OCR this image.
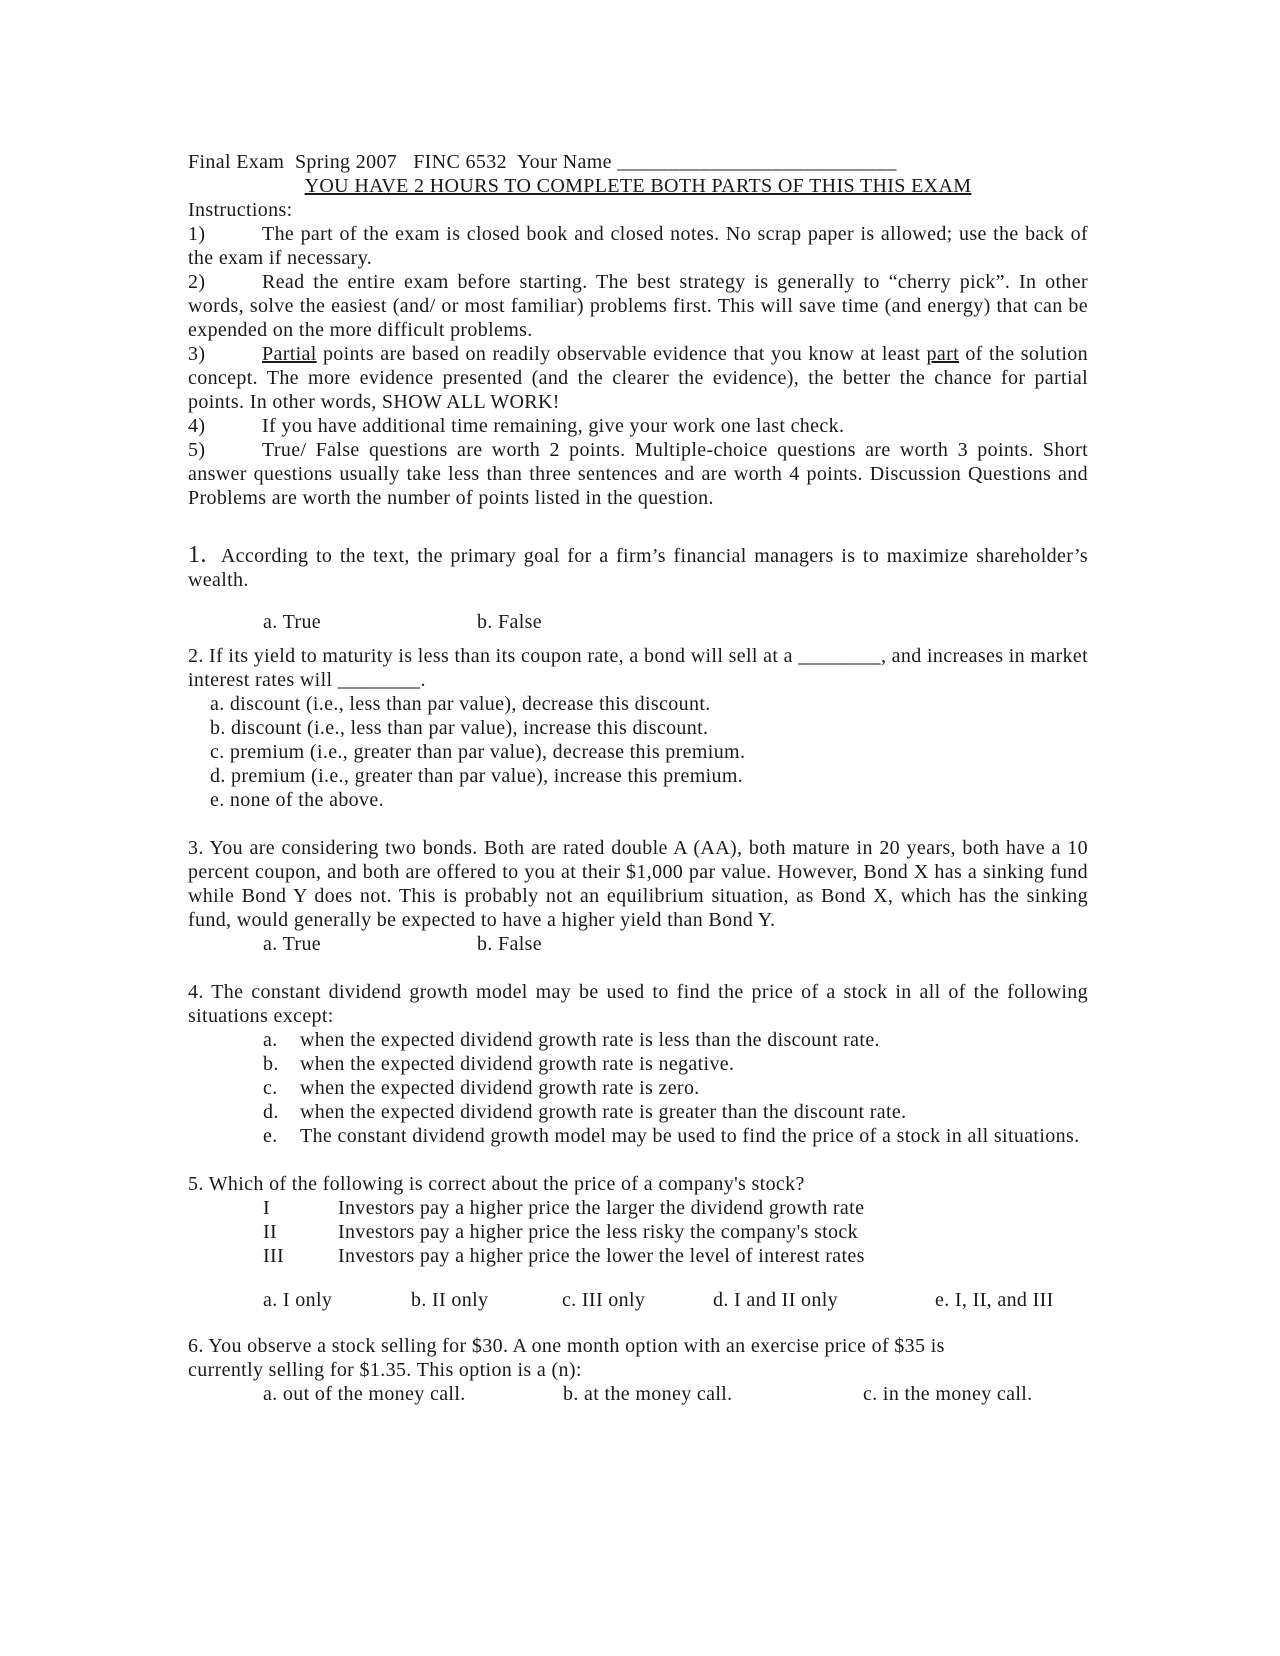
Final Exam  Spring 2007   FINC 6532  Your Name ___________________________
YOU HAVE 2 HOURS TO COMPLETE BOTH PARTS OF THIS THIS EXAM
Instructions:
1)	The part of the exam is closed book and closed notes. No scrap paper is allowed; use the back of the exam if necessary.
2)	Read the entire exam before starting. The best strategy is generally to “cherry pick”. In other words, solve the easiest (and/ or most familiar) problems first. This will save time (and energy) that can be expended on the more difficult problems.
3)	Partial points are based on readily observable evidence that you know at least part of the solution concept. The more evidence presented (and the clearer the evidence), the better the chance for partial points. In other words, SHOW ALL WORK!
4)	If you have additional time remaining, give your work one last check.
5)	True/ False questions are worth 2 points. Multiple-choice questions are worth 3 points. Short answer questions usually take less than three sentences and are worth 4 points. Discussion Questions and Problems are worth the number of points listed in the question.
1. According to the text, the primary goal for a firm’s financial managers is to maximize shareholder’s wealth.
a. True	b. False
2. If its yield to maturity is less than its coupon rate, a bond will sell at a ________, and increases in market interest rates will ________.
a. discount (i.e., less than par value), decrease this discount.
b. discount (i.e., less than par value), increase this discount.
c. premium (i.e., greater than par value), decrease this premium.
d. premium (i.e., greater than par value), increase this premium.
e. none of the above.
3. You are considering two bonds. Both are rated double A (AA), both mature in 20 years, both have a 10 percent coupon, and both are offered to you at their $1,000 par value. However, Bond X has a sinking fund while Bond Y does not. This is probably not an equilibrium situation, as Bond X, which has the sinking fund, would generally be expected to have a higher yield than Bond Y.
a. True	b. False
4. The constant dividend growth model may be used to find the price of a stock in all of the following situations except:
a. when the expected dividend growth rate is less than the discount rate.
b. when the expected dividend growth rate is negative.
c. when the expected dividend growth rate is zero.
d. when the expected dividend growth rate is greater than the discount rate.
e. The constant dividend growth model may be used to find the price of a stock in all situations.
5. Which of the following is correct about the price of a company's stock?
I	Investors pay a higher price the larger the dividend growth rate
II	Investors pay a higher price the less risky the company's stock
III	Investors pay a higher price the lower the level of interest rates
a. I only	b. II only	c. III only	d. I and II only	e. I, II, and III
6. You observe a stock selling for $30. A one month option with an exercise price of $35 is
currently selling for $1.35. This option is a (n):
a. out of the money call.	b. at the money call.	c. in the money call.
